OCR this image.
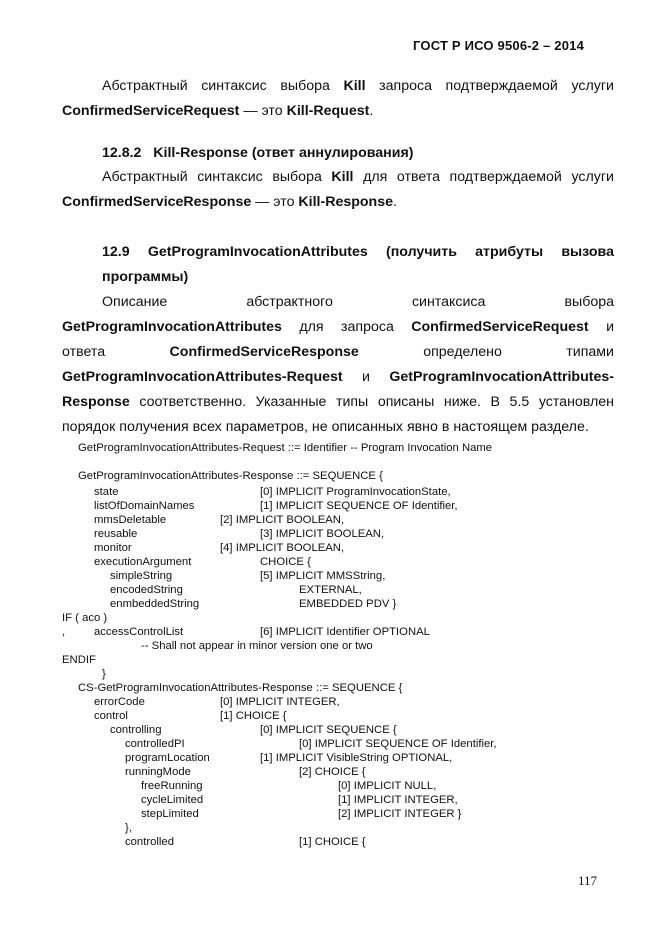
ГОСТ Р ИСО 9506-2 – 2014
Абстрактный синтаксис выбора Kill запроса подтверждаемой услуги
ConfirmedServiceRequest — это Kill-Request.
12.8.2 Kill-Response (ответ аннулирования)
Абстрактный синтаксис выбора Kill для ответа подтверждаемой услуги
ConfirmedServiceResponse — это Kill-Response.
12.9 GetProgramInvocationAttributes (получить атрибуты вызова
программы)
Описание	абстрактного	синтаксиса	выбора
GetProgramInvocationAttributes для запроса ConfirmedServiceRequest и
ответа	ConfirmedServiceResponse	определено	типами
GetProgramInvocationAttributes-Request и GetProgramInvocationAttributes-
Response соответственно. Указанные типы описаны ниже. В 5.5 установлен
порядок получения всех параметров, не описанных явно в настоящем разделе.
GetProgramInvocationAttributes-Request ::= Identifier -- Program Invocation Name
GetProgramInvocationAttributes-Response ::= SEQUENCE {
state	[0] IMPLICIT ProgramInvocationState,
listOfDomainNames	[1] IMPLICIT SEQUENCE OF Identifier,
mmsDeletable	[2] IMPLICIT BOOLEAN,
reusable	[3] IMPLICIT BOOLEAN,
monitor	[4] IMPLICIT BOOLEAN,
executionArgument	CHOICE {
simpleString	[5] IMPLICIT MMSString,
encodedString	EXTERNAL,
enmbeddedString	EMBEDDED PDV }
IF ( aco )
,	accessControlList	[6] IMPLICIT Identifier OPTIONAL
-- Shall not appear in minor version one or two
ENDIF
}
CS-GetProgramInvocationAttributes-Response ::= SEQUENCE {
errorCode	[0] IMPLICIT INTEGER,
control	[1] CHOICE {
controlling	[0] IMPLICIT SEQUENCE {
controlledPI	[0] IMPLICIT SEQUENCE OF Identifier,
programLocation	[1] IMPLICIT VisibleString OPTIONAL,
runningMode	[2] CHOICE {
freeRunning	[0] IMPLICIT NULL,
cycleLimited	[1] IMPLICIT INTEGER,
stepLimited	[2] IMPLICIT INTEGER }
},
controlled	[1] CHOICE {
117
